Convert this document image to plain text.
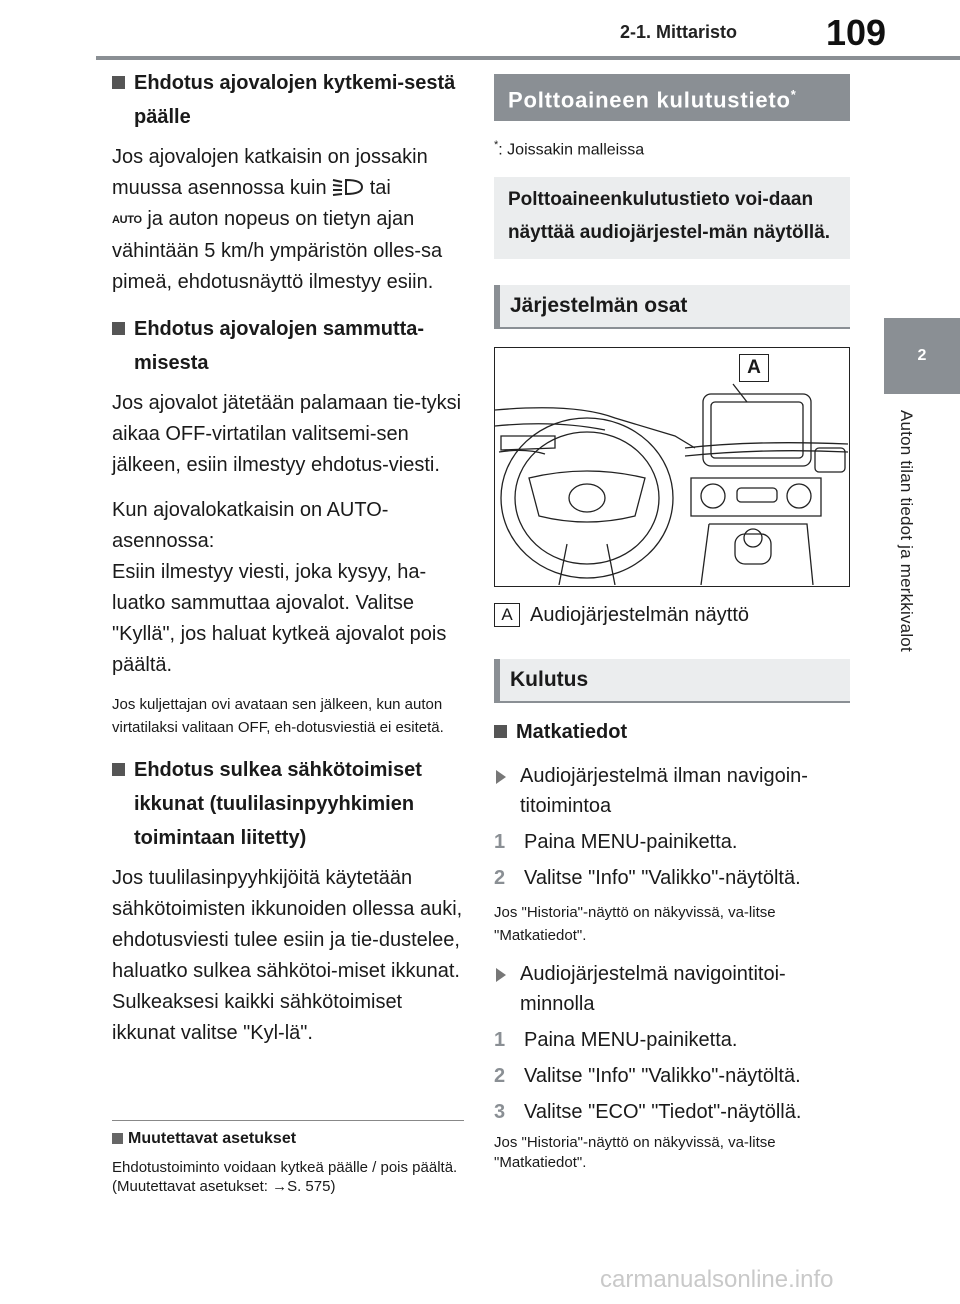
2-1. Mittaristo 109
2
Auton tilan tiedot ja merkkivalot
Ehdotus ajovalojen kytkemi-sestä päälle

Jos ajovalojen katkaisin on jossakin muussa asennossa kuin tai
AUTO ja auton nopeus on tietyn ajan vähintään 5 km/h ympäristön olles-sa pimeä, ehdotusnäyttö ilmestyy esiin.

Ehdotus ajovalojen sammutta-misesta

Jos ajovalot jätetään palamaan tie-tyksi aikaa OFF-virtatilan valitsemi-sen jälkeen, esiin ilmestyy ehdotus-viesti.

Kun ajovalokatkaisin on AUTO-asennossa:

Esiin ilmestyy viesti, joka kysyy, ha-luatko sammuttaa ajovalot. Valitse "Kyllä", jos haluat kytkeä ajovalot pois päältä.

Jos kuljettajan ovi avataan sen jälkeen, kun auton virtatilaksi valitaan OFF, eh-dotusviestiä ei esitetä.

Ehdotus sulkea sähkötoimiset ikkunat (tuulilasinpyyhkimien toimintaan liitetty)

Jos tuulilasinpyyhkijöitä käytetään sähkötoimisten ikkunoiden ollessa auki, ehdotusviesti tulee esiin ja tie-dustelee, haluatko sulkea sähkötoi-miset ikkunat. Sulkeaksesi kaikki sähkötoimiset ikkunat valitse "Kyl-lä".

Muutettavat asetukset

Ehdotustoiminto voidaan kytkeä päälle / pois päältä. (Muutettavat asetukset: →S. 575)

Polttoaineen kulutustieto*

*: Joissakin malleissa

Polttoaineenkulutustieto voi-daan näyttää audiojärjestel-män näytöllä.
Järjestelmän osat
A
A Audiojärjestelmän näyttö
Kulutus
Matkatiedot
Audiojärjestelmä ilman navigoin-titoimintoa
1 Paina MENU-painiketta.
2 Valitse "Info" "Valikko"-näytöltä.

Jos "Historia"-näyttö on näkyvissä, va-litse "Matkatiedot".

Audiojärjestelmä navigointitoi-minnolla
1 Paina MENU-painiketta.
2 Valitse "Info" "Valikko"-näytöltä.
3 Valitse "ECO" "Tiedot"-näytöllä.

Jos "Historia"-näyttö on näkyvissä, va-litse "Matkatiedot".

carmanualsonline.info
